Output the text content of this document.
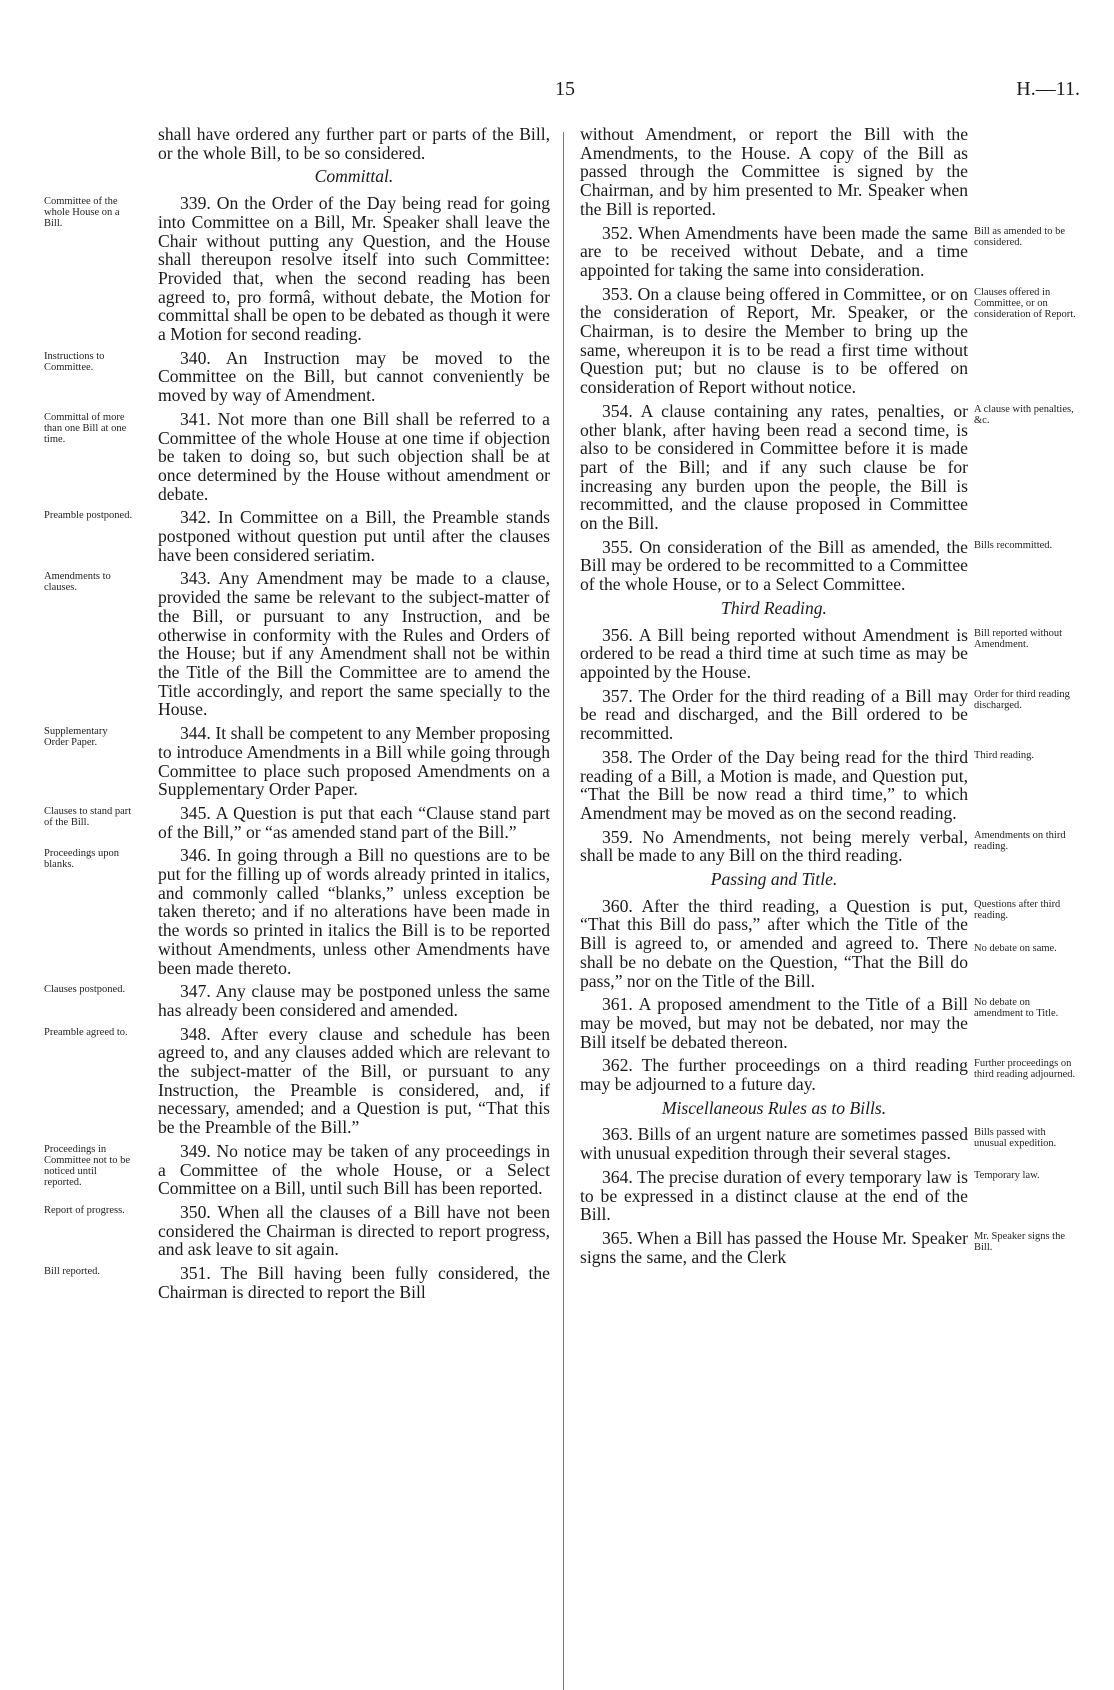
15	H.—11.
shall have ordered any further part or parts of the Bill, or the whole Bill, to be so considered.
Committal.
339. On the Order of the Day being read for going into Committee on a Bill, Mr. Speaker shall leave the Chair without putting any Question, and the House shall thereupon resolve itself into such Committee: Provided that, when the second reading has been agreed to, pro formâ, without debate, the Motion for committal shall be open to be debated as though it were a Motion for second reading.
Committee of the whole House on a Bill.
340. An Instruction may be moved to the Committee on the Bill, but cannot conveniently be moved by way of Amendment.
Instructions to Committee.
341. Not more than one Bill shall be referred to a Committee of the whole House at one time if objection be taken to doing so, but such objection shall be at once determined by the House without amendment or debate.
Committal of more than one Bill at one time.
342. In Committee on a Bill, the Preamble stands postponed without question put until after the clauses have been considered seriatim.
Preamble postponed.
343. Any Amendment may be made to a clause, provided the same be relevant to the subject-matter of the Bill, or pursuant to any Instruction, and be otherwise in conformity with the Rules and Orders of the House; but if any Amendment shall not be within the Title of the Bill the Committee are to amend the Title accordingly, and report the same specially to the House.
Amendments to clauses.
344. It shall be competent to any Member proposing to introduce Amendments in a Bill while going through Committee to place such proposed Amendments on a Supplementary Order Paper.
Supplementary Order Paper.
345. A Question is put that each “Clause stand part of the Bill,” or “as amended stand part of the Bill.”
Clauses to stand part of the Bill.
346. In going through a Bill no questions are to be put for the filling up of words already printed in italics, and commonly called “blanks,” unless exception be taken thereto; and if no alterations have been made in the words so printed in italics the Bill is to be reported without Amendments, unless other Amendments have been made thereto.
Proceedings upon blanks.
347. Any clause may be postponed unless the same has already been considered and amended.
Clauses postponed.
348. After every clause and schedule has been agreed to, and any clauses added which are relevant to the subject-matter of the Bill, or pursuant to any Instruction, the Preamble is considered, and, if necessary, amended; and a Question is put, “That this be the Preamble of the Bill.”
Preamble agreed to.
349. No notice may be taken of any proceedings in a Committee of the whole House, or a Select Committee on a Bill, until such Bill has been reported.
Proceedings in Committee not to be noticed until reported.
350. When all the clauses of a Bill have not been considered the Chairman is directed to report progress, and ask leave to sit again.
Report of progress.
351. The Bill having been fully considered, the Chairman is directed to report the Bill
Bill reported.
without Amendment, or report the Bill with the Amendments, to the House. A copy of the Bill as passed through the Committee is signed by the Chairman, and by him presented to Mr. Speaker when the Bill is reported.
352. When Amendments have been made the same are to be received without Debate, and a time appointed for taking the same into consideration.
Bill as amended to be considered.
353. On a clause being offered in Committee, or on the consideration of Report, Mr. Speaker, or the Chairman, is to desire the Member to bring up the same, whereupon it is to be read a first time without Question put; but no clause is to be offered on consideration of Report without notice.
Clauses offered in Committee, or on consideration of Report.
354. A clause containing any rates, penalties, or other blank, after having been read a second time, is also to be considered in Committee before it is made part of the Bill; and if any such clause be for increasing any burden upon the people, the Bill is recommitted, and the clause proposed in Committee on the Bill.
A clause with penalties, &c.
355. On consideration of the Bill as amended, the Bill may be ordered to be recommitted to a Committee of the whole House, or to a Select Committee.
Bills recommitted.
Third Reading.
356. A Bill being reported without Amendment is ordered to be read a third time at such time as may be appointed by the House.
Bill reported without Amendment.
357. The Order for the third reading of a Bill may be read and discharged, and the Bill ordered to be recommitted.
Order for third reading discharged.
358. The Order of the Day being read for the third reading of a Bill, a Motion is made, and Question put, “That the Bill be now read a third time,” to which Amendment may be moved as on the second reading.
Third reading.
359. No Amendments, not being merely verbal, shall be made to any Bill on the third reading.
Amendments on third reading.
Passing and Title.
360. After the third reading, a Question is put, “That this Bill do pass,” after which the Title of the Bill is agreed to, or amended and agreed to. There shall be no debate on the Question, “That the Bill do pass,” nor on the Title of the Bill.
Questions after third reading.
No debate on same.
361. A proposed amendment to the Title of a Bill may be moved, but may not be debated, nor may the Bill itself be debated thereon.
No debate on amendment to Title.
362. The further proceedings on a third reading may be adjourned to a future day.
Further proceedings on third reading adjourned.
Miscellaneous Rules as to Bills.
363. Bills of an urgent nature are sometimes passed with unusual expedition through their several stages.
Bills passed with unusual expedition.
364. The precise duration of every temporary law is to be expressed in a distinct clause at the end of the Bill.
Temporary law.
365. When a Bill has passed the House Mr. Speaker signs the same, and the Clerk
Mr. Speaker signs the Bill.
